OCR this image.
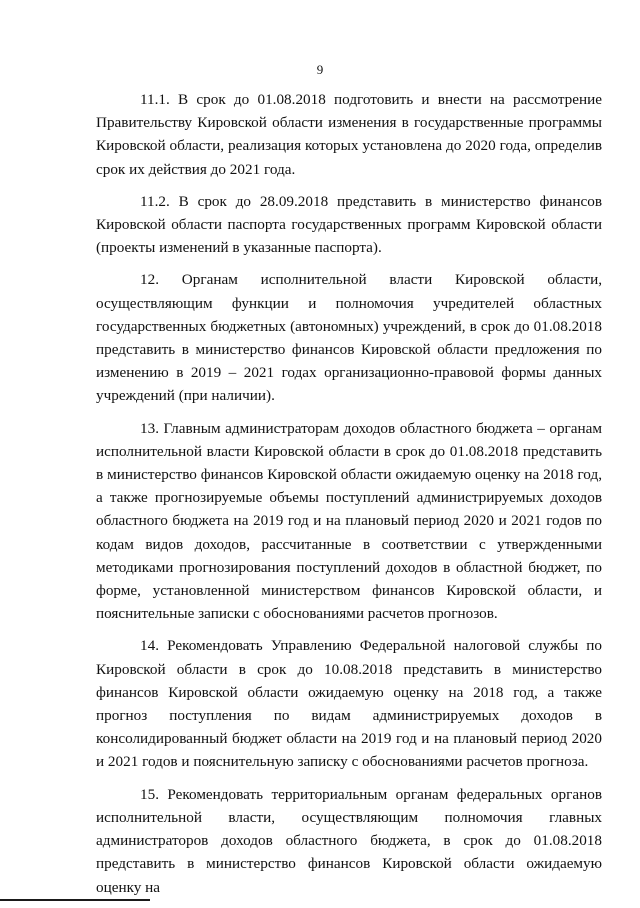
9

11.1. В срок до 01.08.2018 подготовить и внести на рассмотрение Правительству Кировской области изменения в государственные программы Кировской области, реализация которых установлена до 2020 года, определив срок их действия до 2021 года.

11.2. В срок до 28.09.2018 представить в министерство финансов Кировской области паспорта государственных программ Кировской области (проекты изменений в указанные паспорта).

12. Органам исполнительной власти Кировской области, осуществляющим функции и полномочия учредителей областных государственных бюджетных (автономных) учреждений, в срок до 01.08.2018 представить в министерство финансов Кировской области предложения по изменению в 2019 – 2021 годах организационно-правовой формы данных учреждений (при наличии).

13. Главным администраторам доходов областного бюджета – органам исполнительной власти Кировской области в срок до 01.08.2018 представить в министерство финансов Кировской области ожидаемую оценку на 2018 год, а также прогнозируемые объемы поступлений администрируемых доходов областного бюджета на 2019 год и на плановый период 2020 и 2021 годов по кодам видов доходов, рассчитанные в соответствии с утвержденными методиками прогнозирования поступлений доходов в областной бюджет, по форме, установленной министерством финансов Кировской области, и пояснительные записки с обоснованиями расчетов прогнозов.

14. Рекомендовать Управлению Федеральной налоговой службы по Кировской области в срок до 10.08.2018 представить в министерство финансов Кировской области ожидаемую оценку на 2018 год, а также прогноз поступления по видам администрируемых доходов в консолидированный бюджет области на 2019 год и на плановый период 2020 и 2021 годов и пояснительную записку с обоснованиями расчетов прогноза.

15. Рекомендовать территориальным органам федеральных органов исполнительной власти, осуществляющим полномочия главных администраторов доходов областного бюджета, в срок до 01.08.2018 представить в министерство финансов Кировской области ожидаемую оценку на
